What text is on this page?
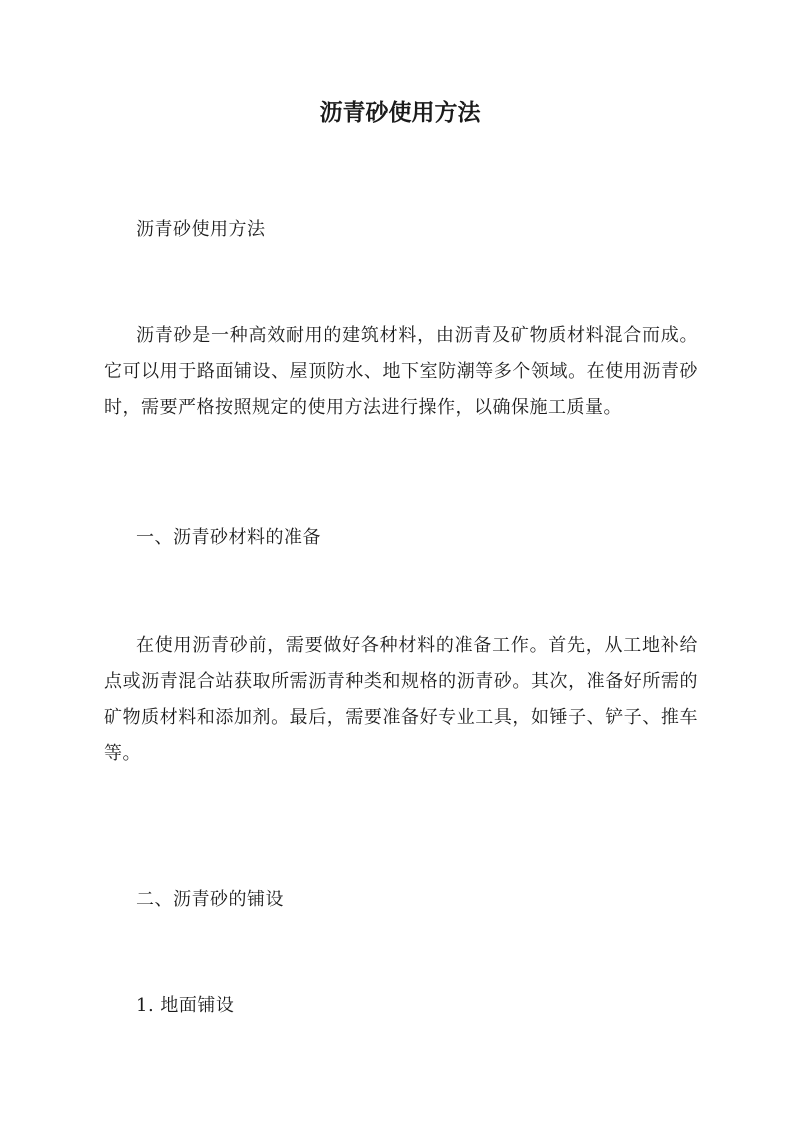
沥青砂使用方法

沥青砂使用方法

沥青砂是一种高效耐用的建筑材料，由沥青及矿物质材料混合而成。它可以用于路面铺设、屋顶防水、地下室防潮等多个领域。在使用沥青砂时，需要严格按照规定的使用方法进行操作，以确保施工质量。

一、沥青砂材料的准备

在使用沥青砂前，需要做好各种材料的准备工作。首先，从工地补给点或沥青混合站获取所需沥青种类和规格的沥青砂。其次，准备好所需的矿物质材料和添加剂。最后，需要准备好专业工具，如锤子、铲子、推车等。

二、沥青砂的铺设

1. 地面铺设
